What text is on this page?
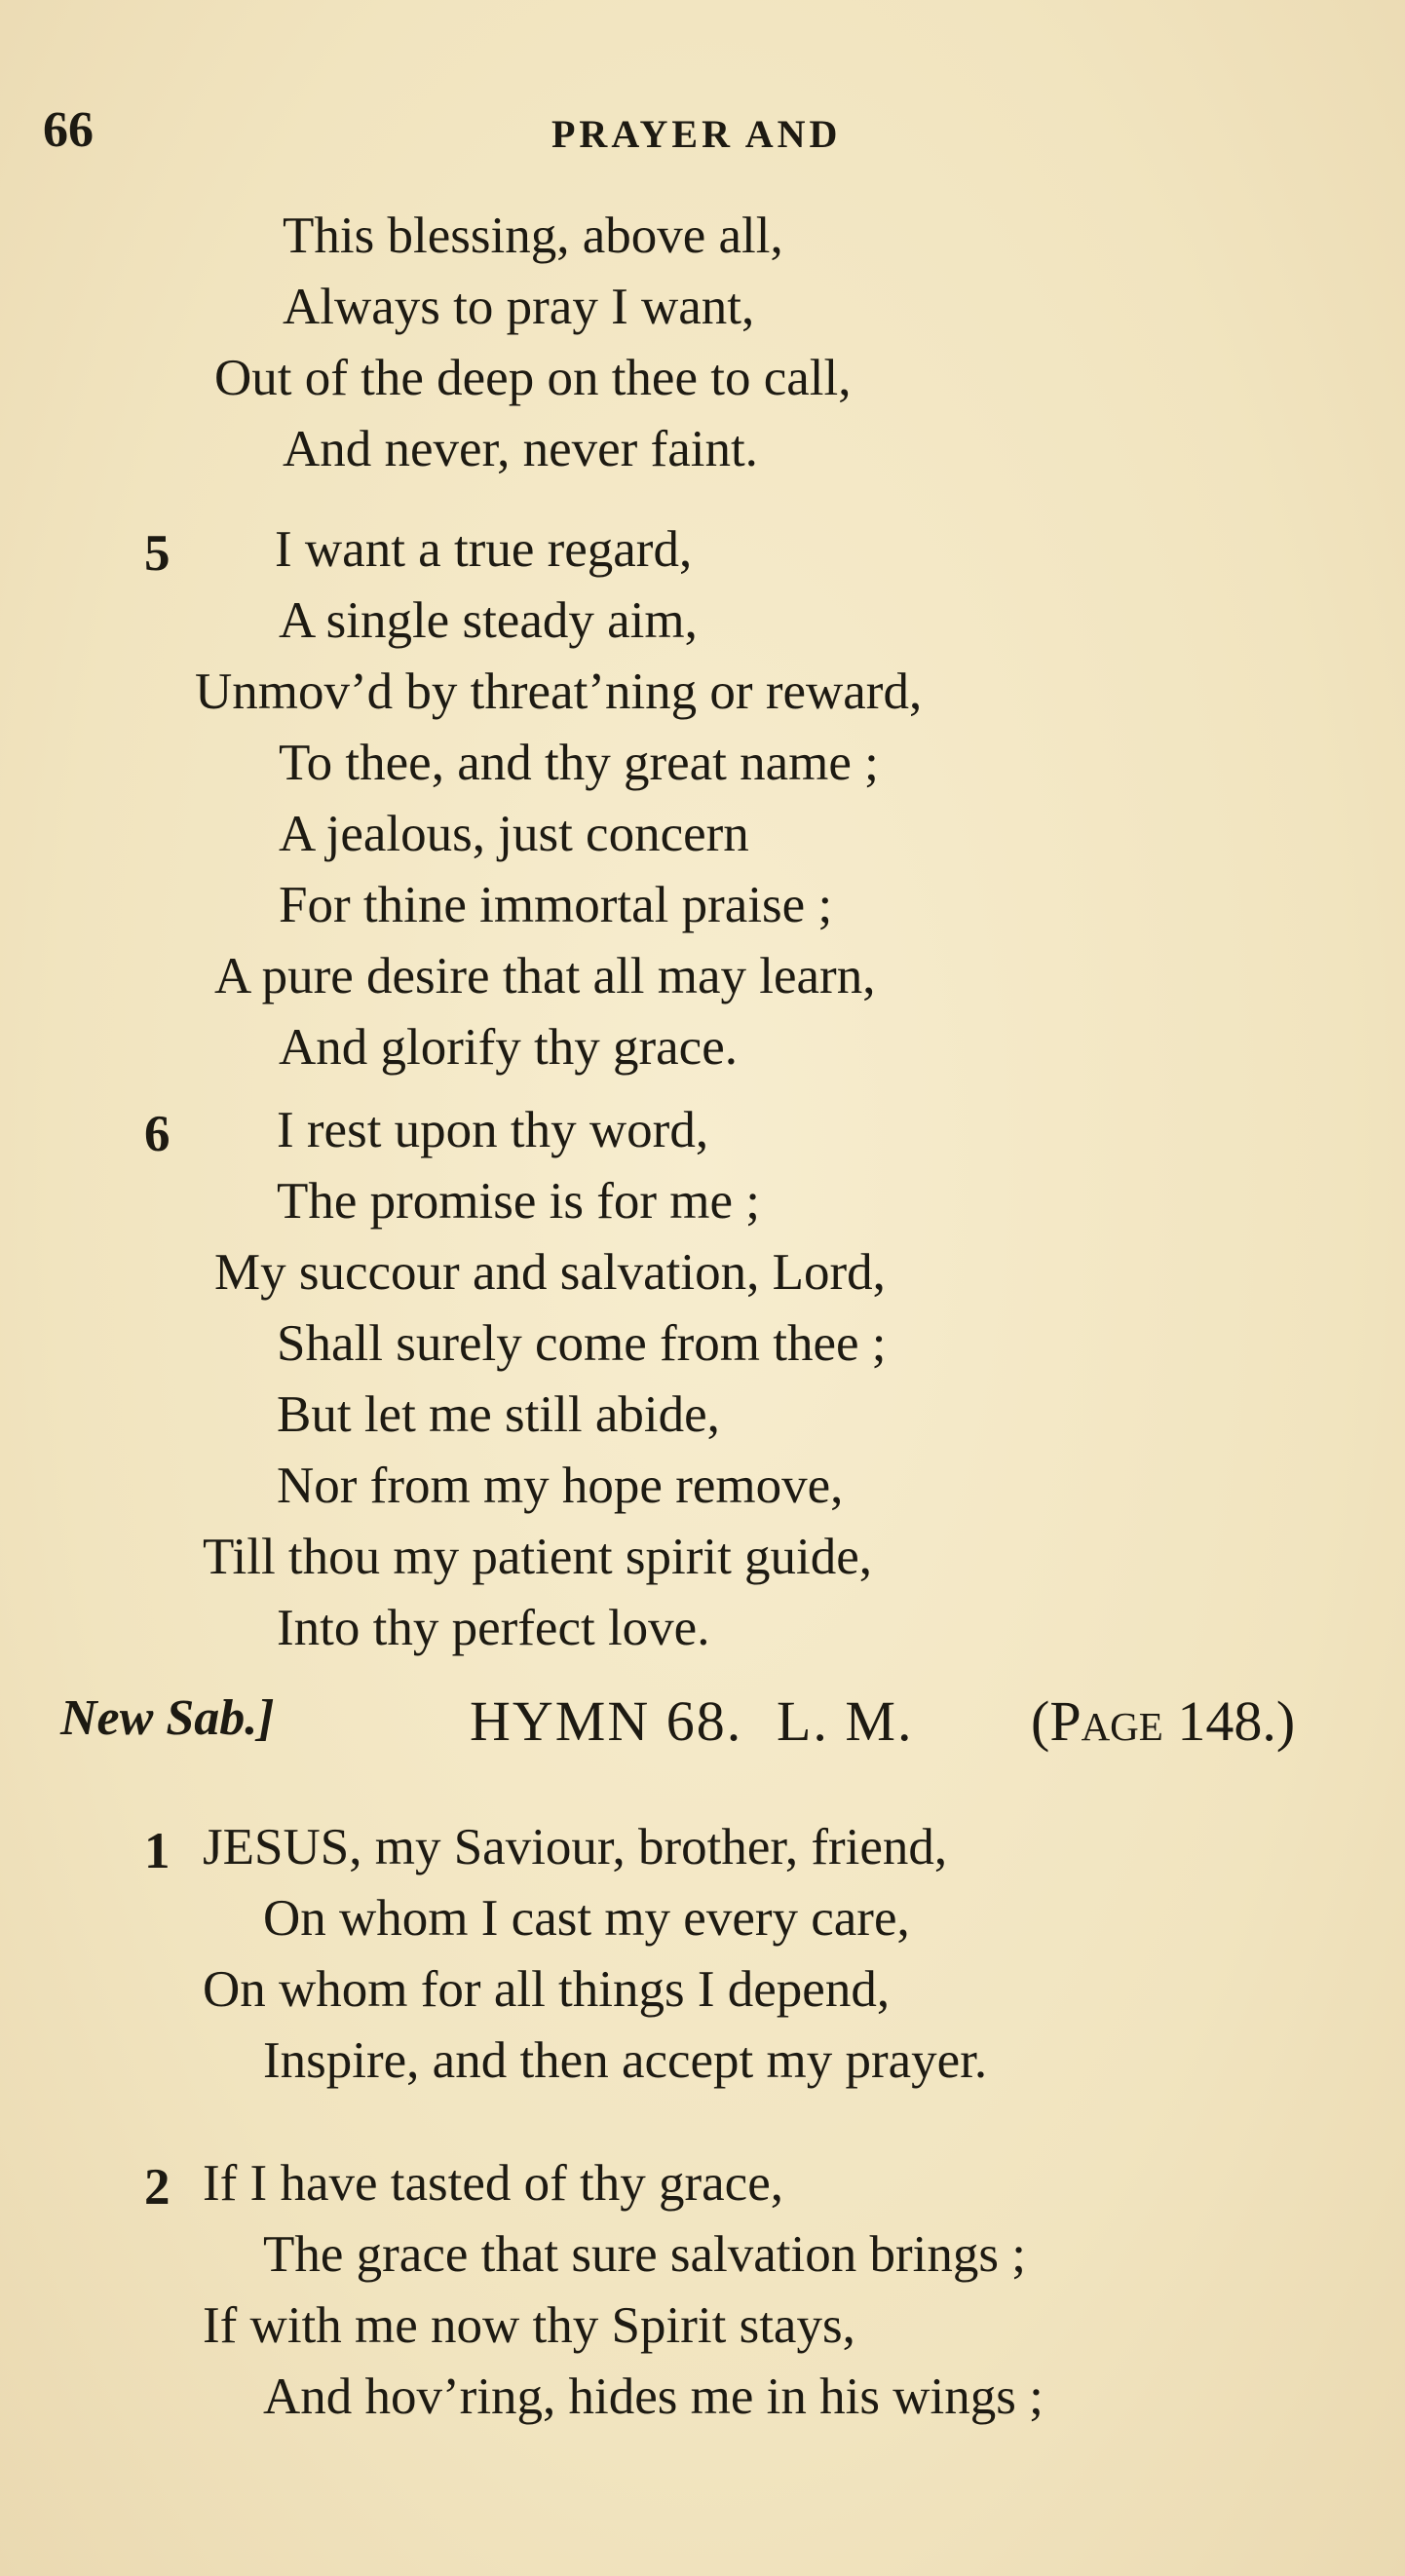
66	PRAYER AND
This blessing, above all,
Always to pray I want,
Out of the deep on thee to call,
And never, never faint.
5 I want a true regard,
A single steady aim,
Unmov’d by threat’ning or reward,
To thee, and thy great name ;
A jealous, just concern
For thine immortal praise ;
A pure desire that all may learn,
And glorify thy grace.
6 I rest upon thy word,
The promise is for me ;
My succour and salvation, Lord,
Shall surely come from thee ;
But let me still abide,
Nor from my hope remove,
Till thou my patient spirit guide,
Into thy perfect love.
New Sab.]	HYMN 68. L. M. (Page 148.)
1 JESUS, my Saviour, brother, friend,
On whom I cast my every care,
On whom for all things I depend,
Inspire, and then accept my prayer.
2 If I have tasted of thy grace,
The grace that sure salvation brings ;
If with me now thy Spirit stays,
And hov’ring, hides me in his wings ;
